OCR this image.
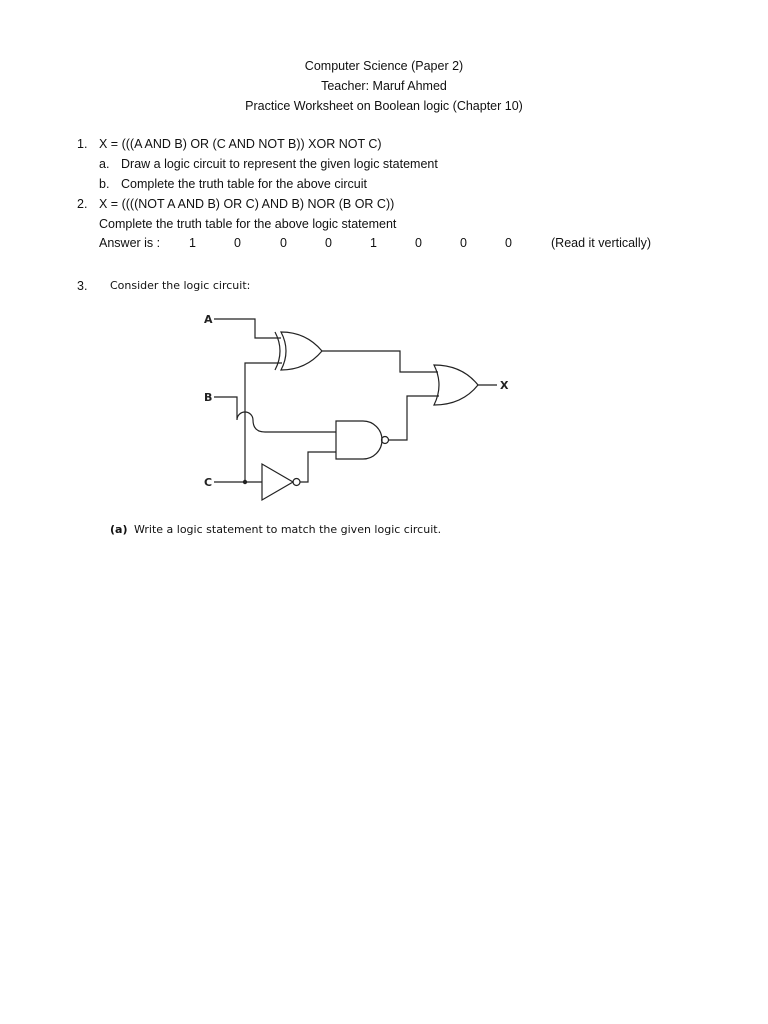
Computer Science (Paper 2)
Teacher: Maruf Ahmed
Practice Worksheet on Boolean logic (Chapter 10)
1. X = (((A AND B) OR (C AND NOT B)) XOR NOT C)
a. Draw a logic circuit to represent the given logic statement
b. Complete the truth table for the above circuit
2. X = ((((NOT A AND B) OR C) AND B) NOR (B OR C))
Complete the truth table for the above logic statement
Answer is : 1	0	0	0	1	0	0	0	(Read it vertically)
3. Consider the logic circuit:
A
B
C
X
(a) Write a logic statement to match the given logic circuit.
